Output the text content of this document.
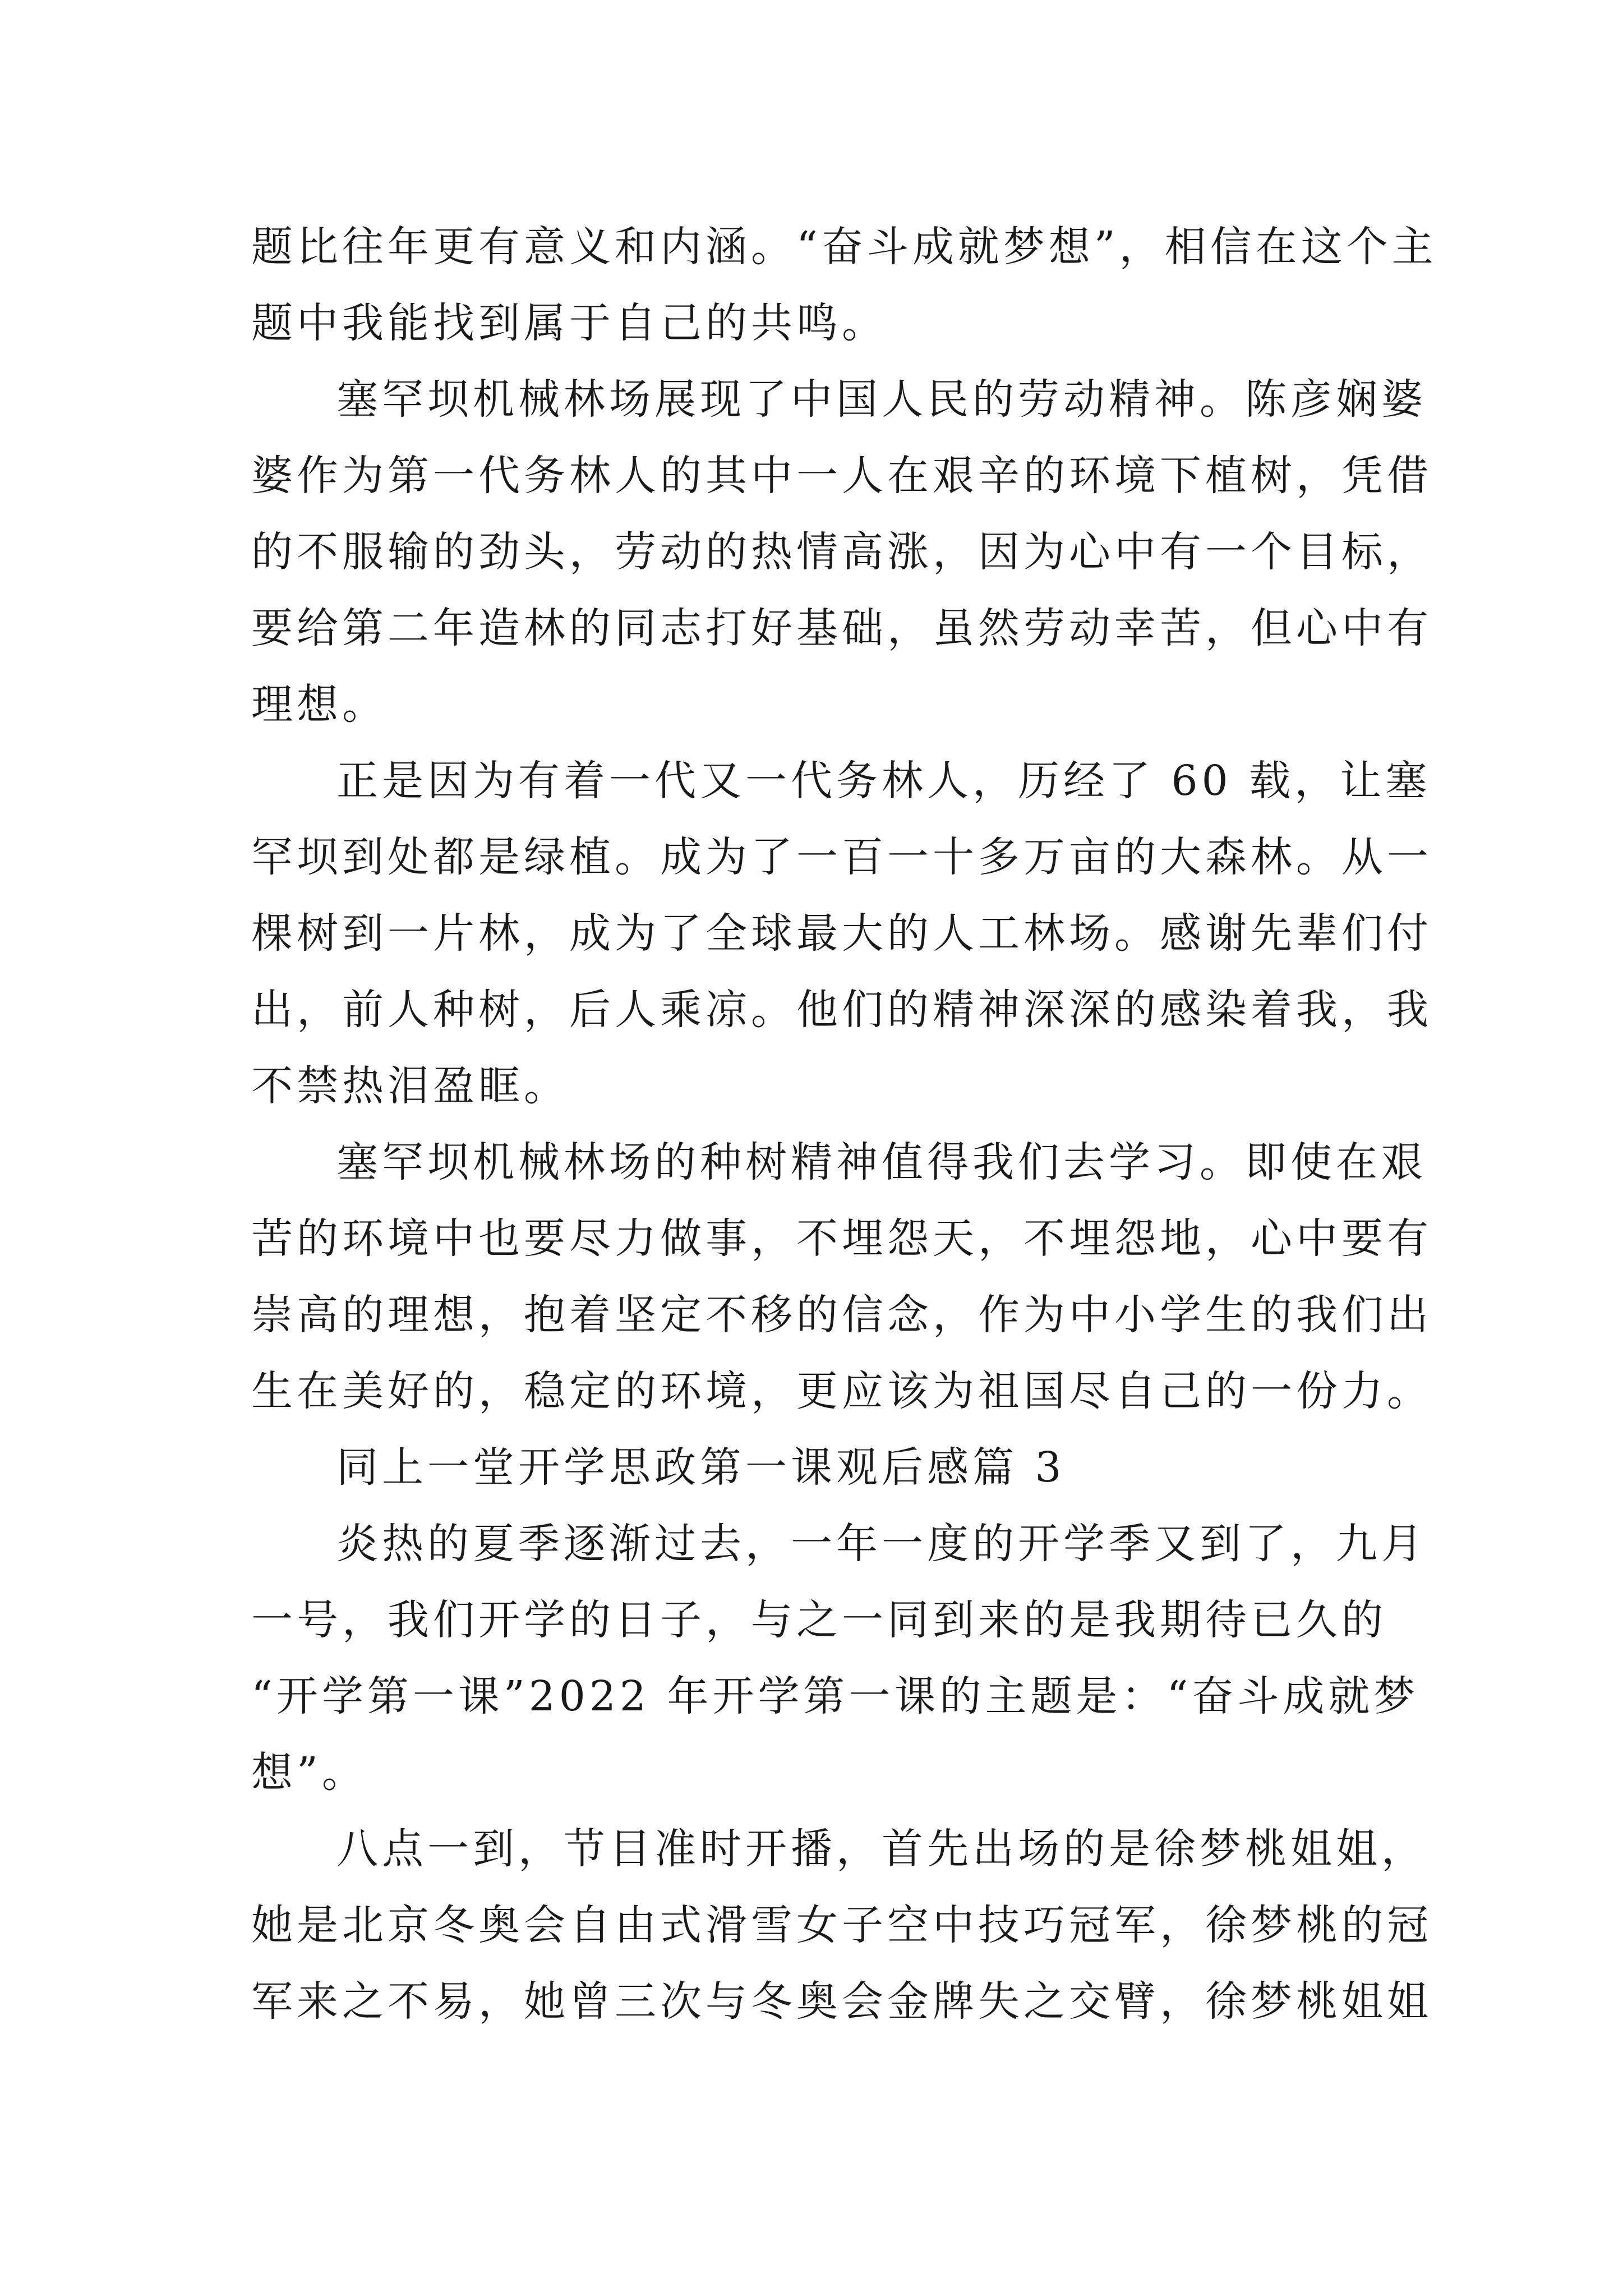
题比往年更有意义和内涵。“奋斗成就梦想”，相信在这个主
题中我能找到属于自己的共鸣。
塞罕坝机械林场展现了中国人民的劳动精神。陈彦娴婆
婆作为第一代务林人的其中一人在艰辛的环境下植树，凭借
的不服输的劲头，劳动的热情高涨，因为心中有一个目标，
要给第二年造林的同志打好基础，虽然劳动幸苦，但心中有
理想。
正是因为有着一代又一代务林人，历经了 60 载，让塞
罕坝到处都是绿植。成为了一百一十多万亩的大森林。从一
棵树到一片林，成为了全球最大的人工林场。感谢先辈们付
出，前人种树，后人乘凉。他们的精神深深的感染着我，我
不禁热泪盈眶。
塞罕坝机械林场的种树精神值得我们去学习。即使在艰
苦的环境中也要尽力做事，不埋怨天，不埋怨地，心中要有
崇高的理想，抱着坚定不移的信念，作为中小学生的我们出
生在美好的，稳定的环境，更应该为祖国尽自己的一份力。
同上一堂开学思政第一课观后感篇 3
炎热的夏季逐渐过去，一年一度的开学季又到了，九月
一号，我们开学的日子，与之一同到来的是我期待已久的
“开学第一课”2022 年开学第一课的主题是：“奋斗成就梦
想”。
八点一到，节目准时开播，首先出场的是徐梦桃姐姐，
她是北京冬奥会自由式滑雪女子空中技巧冠军，徐梦桃的冠
军来之不易，她曾三次与冬奥会金牌失之交臂，徐梦桃姐姐
